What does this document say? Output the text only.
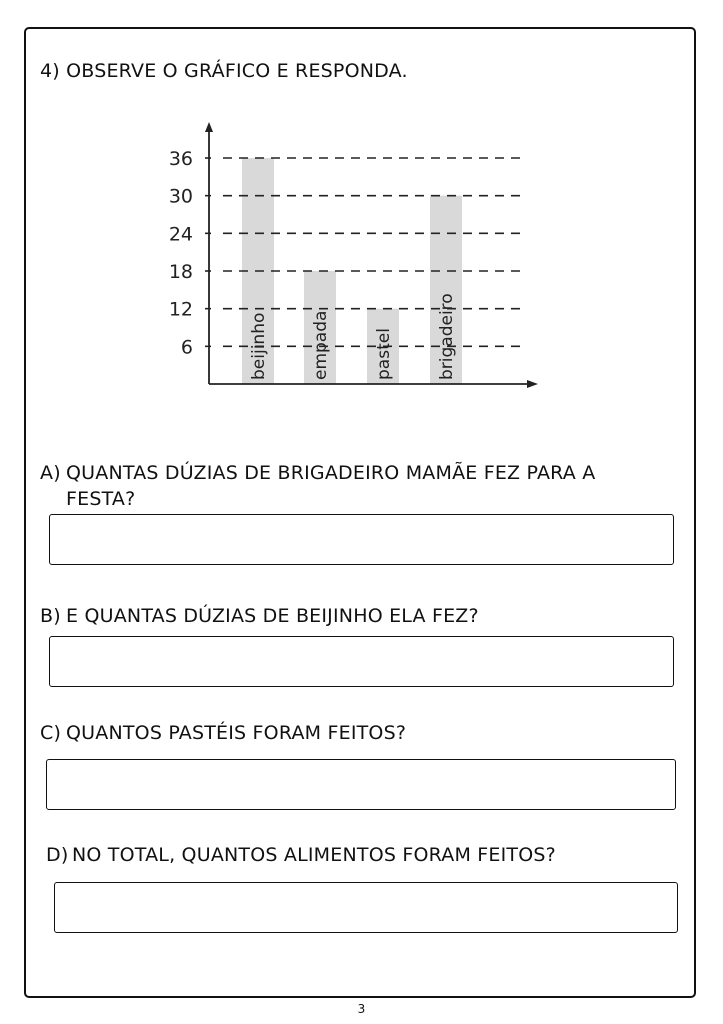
4) OBSERVE O GRÁFICO E RESPONDA.
6
12
18
24
30
36
beijinho empada	pastel	brigadeiro
A) QUANTAS DÚZIAS DE BRIGADEIRO MAMÃE FEZ PARA A
FESTA?
B) E QUANTAS DÚZIAS DE BEIJINHO ELA FEZ?
C) QUANTOS PASTÉIS FORAM FEITOS?
D) NO TOTAL, QUANTOS ALIMENTOS FORAM FEITOS?
3
